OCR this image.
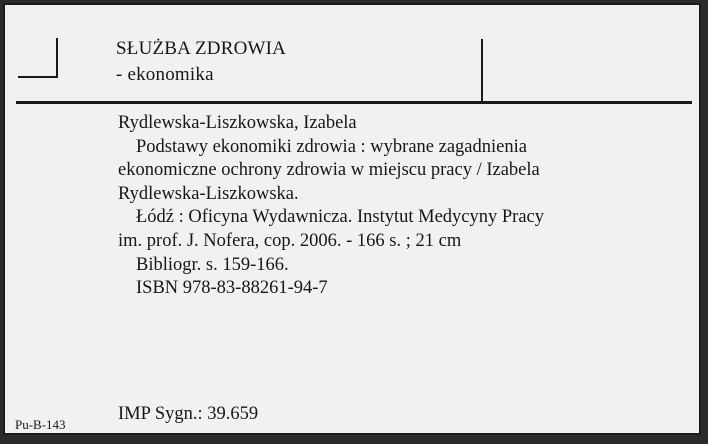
SŁUŻBA ZDROWIA
- ekonomika
Rydlewska-Liszkowska, Izabela
Podstawy ekonomiki zdrowia : wybrane zagadnienia
ekonomiczne ochrony zdrowia w miejscu pracy / Izabela
Rydlewska-Liszkowska.
Łódź : Oficyna Wydawnicza. Instytut Medycyny Pracy
im. prof. J. Nofera, cop. 2006. - 166 s. ; 21 cm
Bibliogr. s. 159-166.
ISBN 978-83-88261-94-7
IMP Sygn.: 39.659
Pu-B-143
